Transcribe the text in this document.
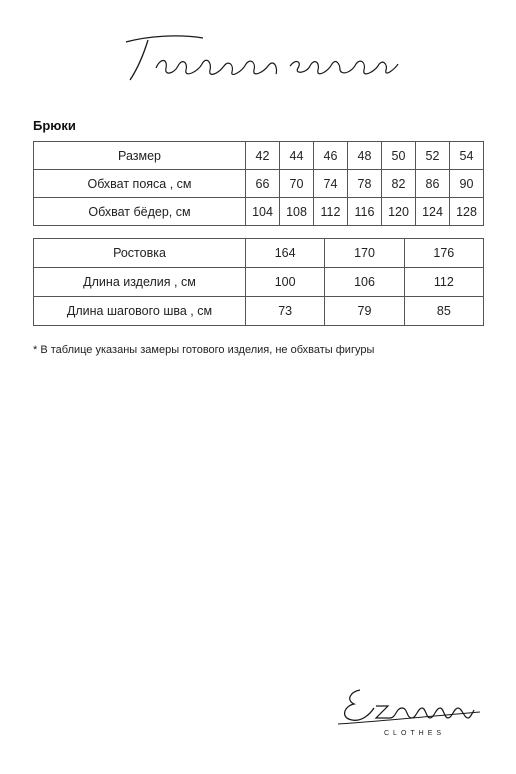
Брюки
Размер	42	44	46	48	50	52	54
Обхват пояса , см	66	70	74	78	82	86	90
Обхват бёдер, см	104	108	112	116	120	124	128
Ростовка	164	170	176
Длина изделия , см	100	106	112
Длина шагового шва , см	73	79	85
* В таблице указаны замеры готового изделия, не обхваты фигуры
CLOTHES
